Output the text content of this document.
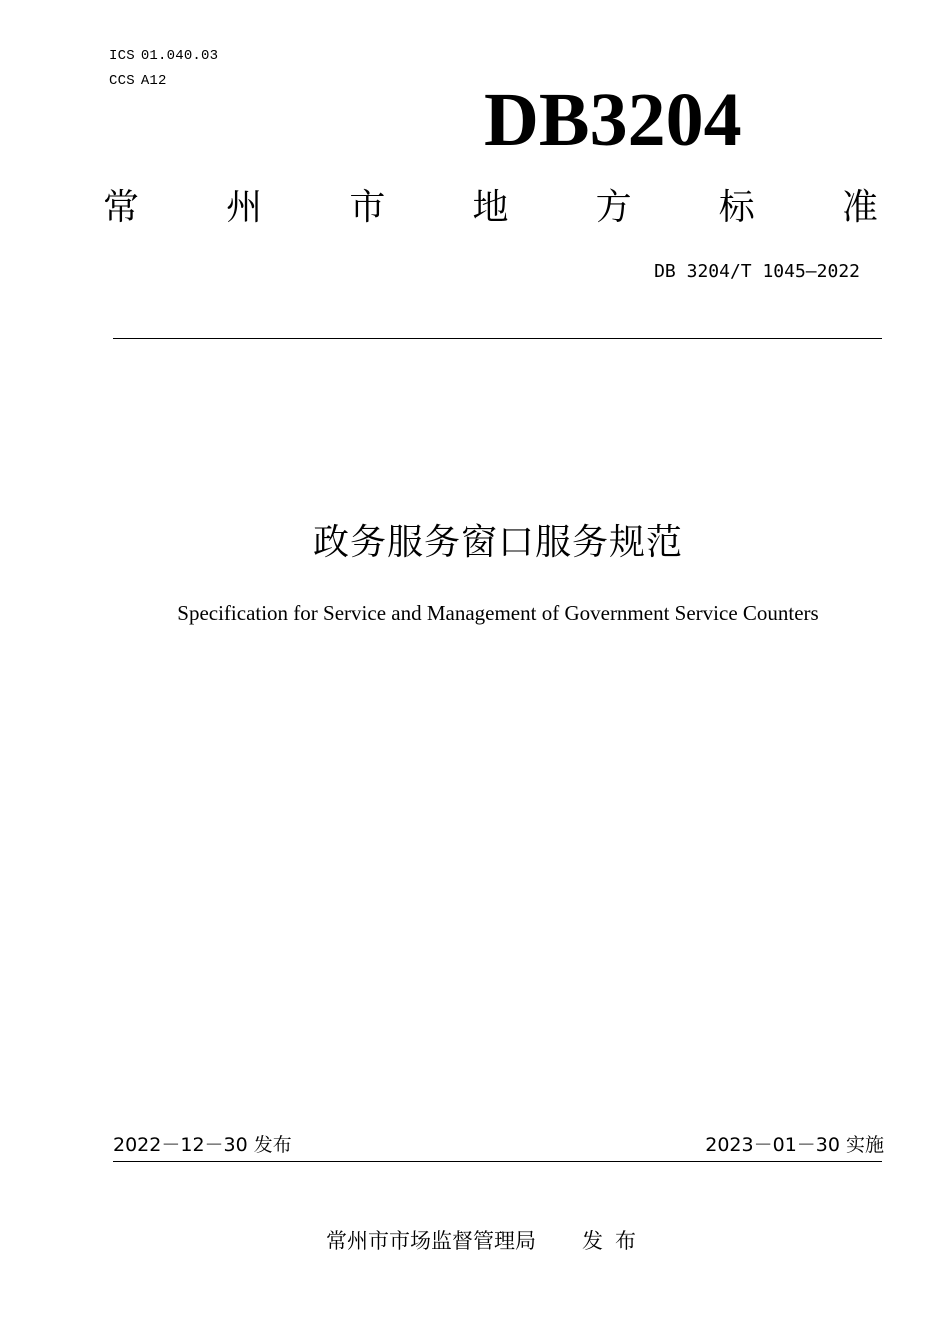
ICS 01.040.03
CCS A12	DB3204
常 州 市 地 方 标 准
DB 3204/T 1045—2022
政务服务窗口服务规范
Specification for Service and Management of Government Service Counters
2022－12－30 发布	2023－01－30 实施
常州市市场监督管理局 发布
